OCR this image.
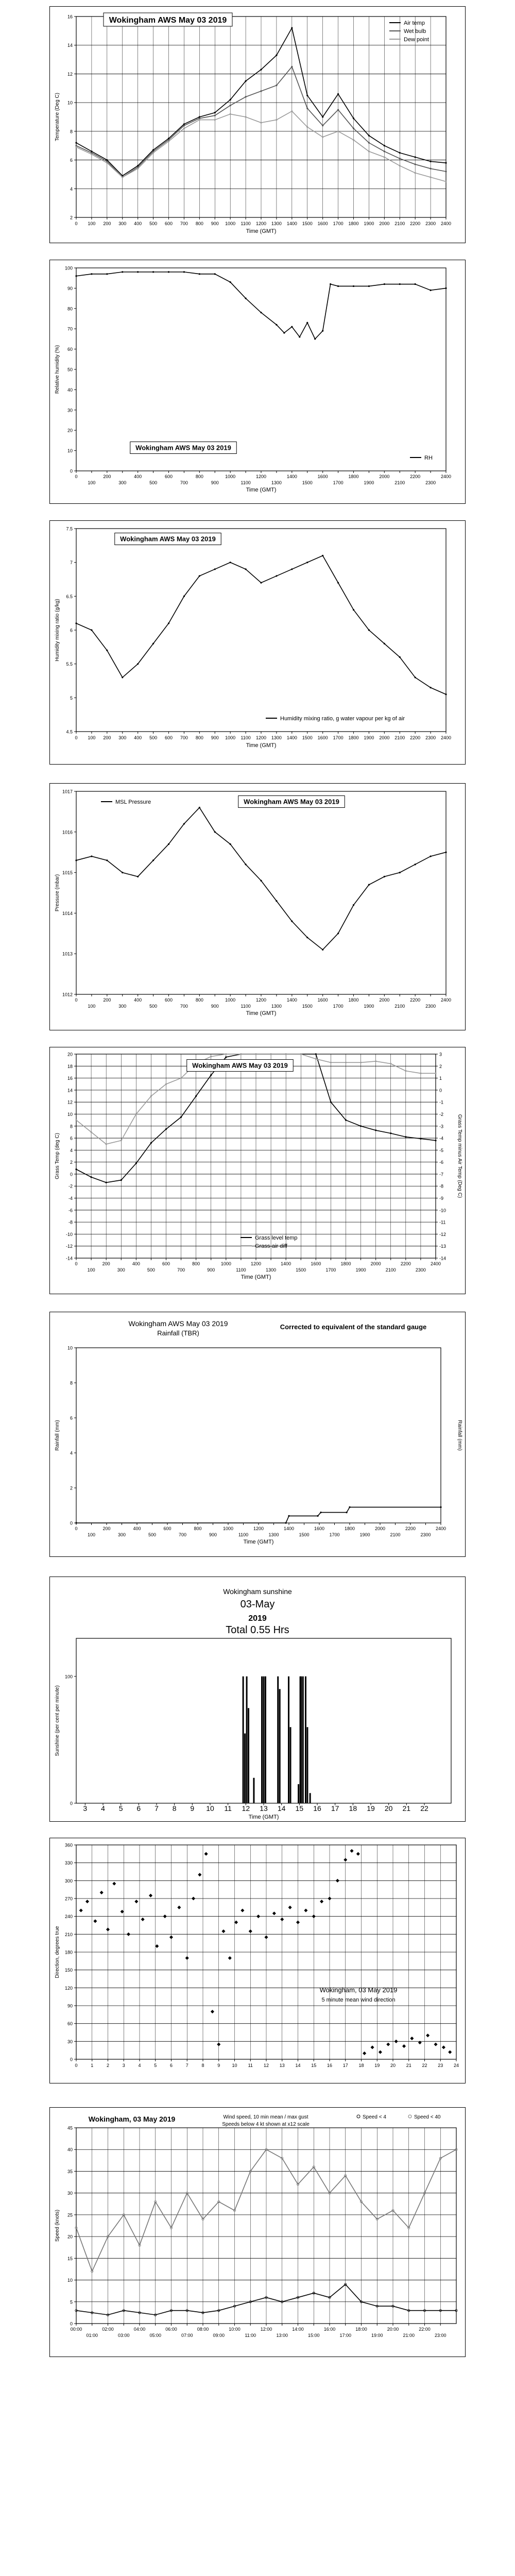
2
4
6
8
10
12
14
16
0 100 200 300 400 500 600 700 800 900 1000 1100 1200 1300 1400 1500 1600 1700 1800 1900 2000 2100 2200 2300 2400
Time (GMT)
Temperature (Deg C)
Wokingham AWS May 03 2019	Air temp
Wet bulb
Dew point
0
10
20
30
40
50
60
70
80
90
100
0	200	400	600	800	1000	1200	1400	1600	1800	2000	2200	2400
100	300	500	700	900	1100	1300	1500	1700	1900	2100	2300
Time (GMT)
Relative humidity (%)
Wokingham AWS May 03 2019
RH
4.5
5
5.5
6
6.5
7
7.5
0 100 200 300 400 500 600 700 800 900 1000 1100 1200 1300 1400 1500 1600 1700 1800 1900 2000 2100 2200 2300 2400
Time (GMT)
Humidity mixing ratio (g/kg)
Wokingham AWS May 03 2019
Humidity mixing ratio, g water vapour per kg of air
1012
1013
1014
1015
1016
1017
0	200	400	600	800	1000	1200	1400	1600	1800	2000	2200	2400
100	300	500	700	900	1100	1300	1500	1700	1900	2100	2300
Time (GMT)
Pressure (mbar)
Wokingham AWS May 03 2019
MSL Pressure
-14
-12
-10
-8
-6
-4
-2
0
2
4
6
8
10
12
14
16
18
20
0	200	400	600	800	1000	1200	1400	1600	1800	2000	2200	2400
100	300	500	700	900	1100	1300	1500	1700	1900	2100	2300
-14
-13
-12
-11
-10
-9
-8
-7
-6
-5
-4
-3
-2
-1
0
1
2
3
Grass Temp minus Air Temp (Deg C)
Time (GMT)
Grass Temp (deg C)
Wokingham AWS May 03 2019
Grass level temp
Grass-air diff
0
2
4
6
8
10
0	200	400	600	800	1000	1200	1400	1600	1800	2000	2200	2400
100	300	500	700	900	1100	1300	1500	1700	1900	2100	2300
Rainfall (mm)
Time (GMT)
Rainfall (mm)
Wokingham AWS May 03 2019
Rainfall (TBR)
Corrected to equivalent of the standard gauge
0
100
3 4 5 6 7 8 9 10 11 12 13 14 15 16 17 18 19 20 21 22
Time (GMT)
Sunshine (per cent per minute)
Wokingham sunshine
03-May
2019
Total 0.55 Hrs
0
30
60
90
120
150
180
210
240
270
300
330
360
0	1	2	3	4	5	6	7	8	9	10 11 12 13 14 15 16 17 18 19 20 21 22 23 24
Direction, degrees true
Wokingham, 03 May 2019
5 minute mean wind direction
0
5
10
15
20
25
30
35
40
45
00:00	02:00	04:00	06:00	08:00	10:00	12:00	14:00	16:00	18:00	20:00	22:00
01:00	03:00	05:00	07:00	09:00	11:00	13:00	15:00	17:00	19:00	21:00	23:00
Speed (knots)
Wokingham, 03 May 2019	Wind speed, 10 min mean / max gust
Speeds below 4 kt shown at x12 scale
Speed < 4	Speed < 40
